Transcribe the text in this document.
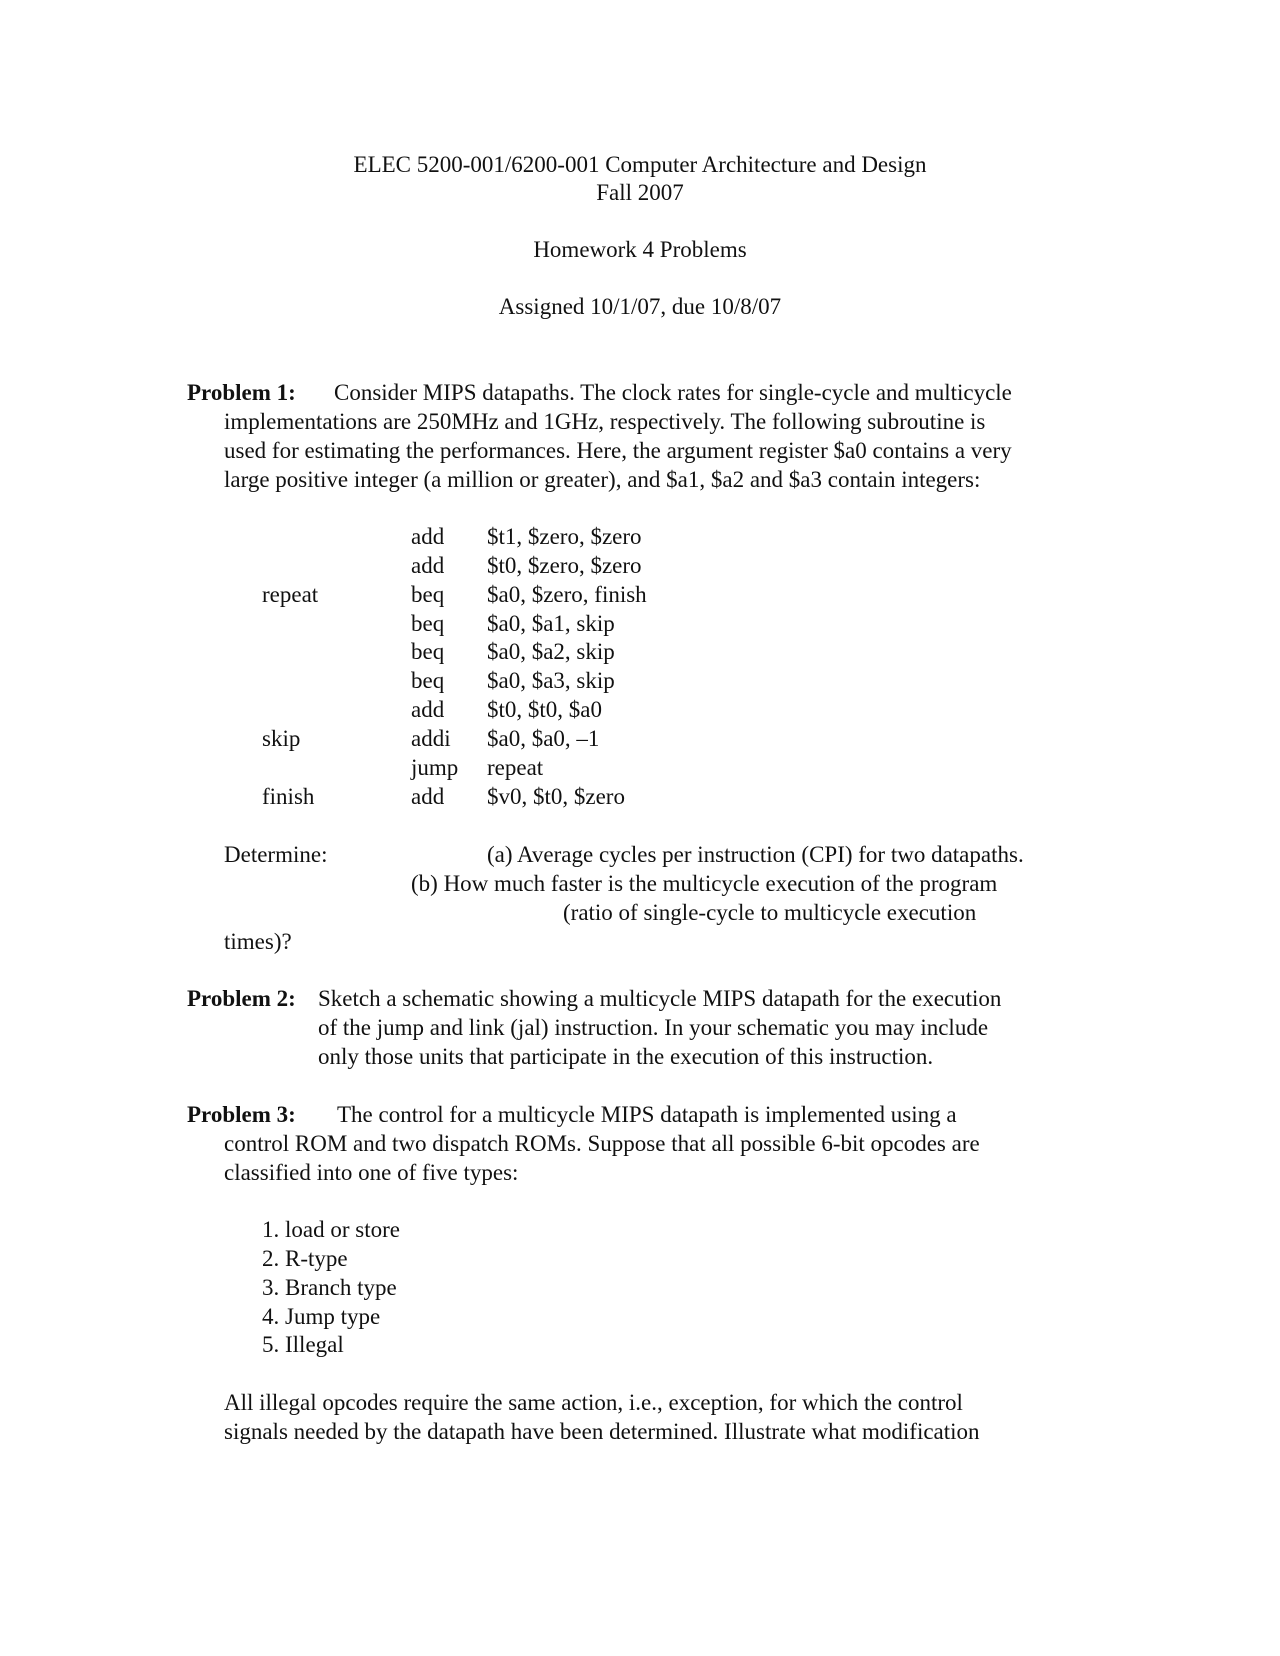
ELEC 5200-001/6200-001 Computer Architecture and Design
Fall 2007
Homework 4 Problems
Assigned 10/1/07, due 10/8/07
Problem 1: Consider MIPS datapaths. The clock rates for single-cycle and multicycle
implementations are 250MHz and 1GHz, respectively. The following subroutine is
used for estimating the performances. Here, the argument register $a0 contains a very
large positive integer (a million or greater), and $a1, $a2 and $a3 contain integers:
add $t1, $zero, $zero
add $t0, $zero, $zero
repeat	beq $a0, $zero, finish
beq $a0, $a1, skip
beq $a0, $a2, skip
beq $a0, $a3, skip
add $t0, $t0, $a0
skip	addi $a0, $a0, –1
jump repeat
finish	add $v0, $t0, $zero
Determine:	(a) Average cycles per instruction (CPI) for two datapaths.
(b) How much faster is the multicycle execution of the program
(ratio of single-cycle to multicycle execution
times)?
Problem 2: Sketch a schematic showing a multicycle MIPS datapath for the execution
of the jump and link (jal) instruction. In your schematic you may include
only those units that participate in the execution of this instruction.
Problem 3: The control for a multicycle MIPS datapath is implemented using a
control ROM and two dispatch ROMs. Suppose that all possible 6-bit opcodes are
classified into one of five types:
1. load or store
2. R-type
3. Branch type
4. Jump type
5. Illegal
All illegal opcodes require the same action, i.e., exception, for which the control
signals needed by the datapath have been determined. Illustrate what modification
